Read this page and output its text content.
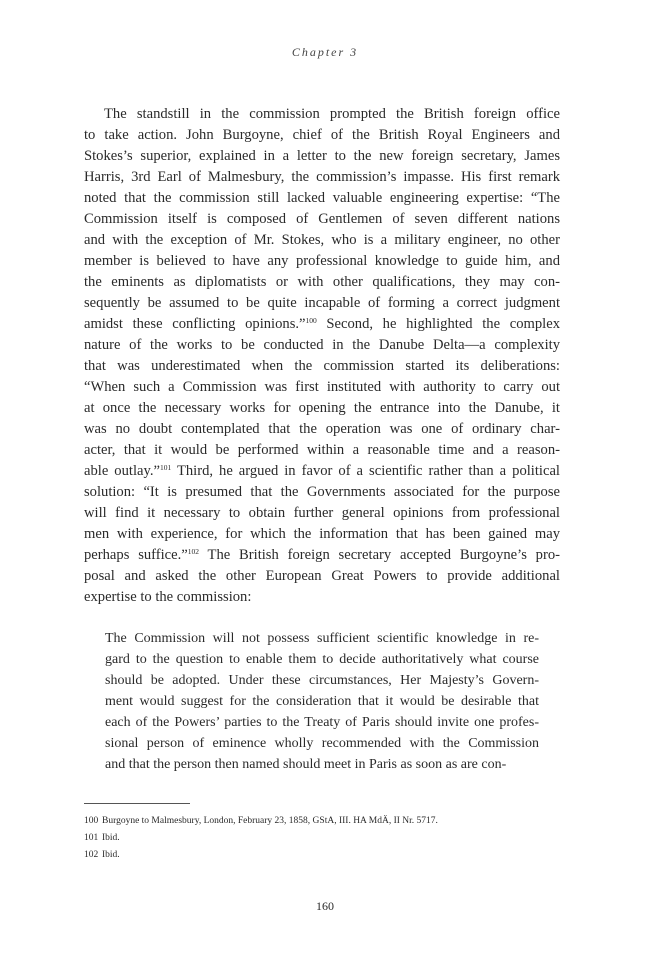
Chapter 3
The standstill in the commission prompted the British foreign office
to take action. John Burgoyne, chief of the British Royal Engineers and
Stokes’s superior, explained in a letter to the new foreign secretary, James
Harris, 3rd Earl of Malmesbury, the commission’s impasse. His first remark
noted that the commission still lacked valuable engineering expertise: “The
Commission itself is composed of Gentlemen of seven different nations
and with the exception of Mr. Stokes, who is a military engineer, no other
member is believed to have any professional knowledge to guide him, and
the eminents as diplomatists or with other qualifications, they may con-
sequently be assumed to be quite incapable of forming a correct judgment
amidst these conflicting opinions.”$^{100}$ Second, he highlighted the complex
nature of the works to be conducted in the Danube Delta—a complexity
that was underestimated when the commission started its deliberations:
“When such a Commission was first instituted with authority to carry out
at once the necessary works for opening the entrance into the Danube, it
was no doubt contemplated that the operation was one of ordinary char-
acter, that it would be performed within a reasonable time and a reason-
able outlay.”$^{101}$ Third, he argued in favor of a scientific rather than a political
solution: “It is presumed that the Governments associated for the purpose
will find it necessary to obtain further general opinions from professional
men with experience, for which the information that has been gained may
perhaps suffice.”$^{102}$ The British foreign secretary accepted Burgoyne’s pro-
posal and asked the other European Great Powers to provide additional
expertise to the commission:
The Commission will not possess sufficient scientific knowledge in re-
gard to the question to enable them to decide authoritatively what course
should be adopted. Under these circumstances, Her Majesty’s Govern-
ment would suggest for the consideration that it would be desirable that
each of the Powers’ parties to the Treaty of Paris should invite one profes-
sional person of eminence wholly recommended with the Commission
and that the person then named should meet in Paris as soon as are con-
100 Burgoyne to Malmesbury, London, February 23, 1858, GStA, III. HA MdÄ, II Nr. 5717.
101 Ibid.
102 Ibid.
160
